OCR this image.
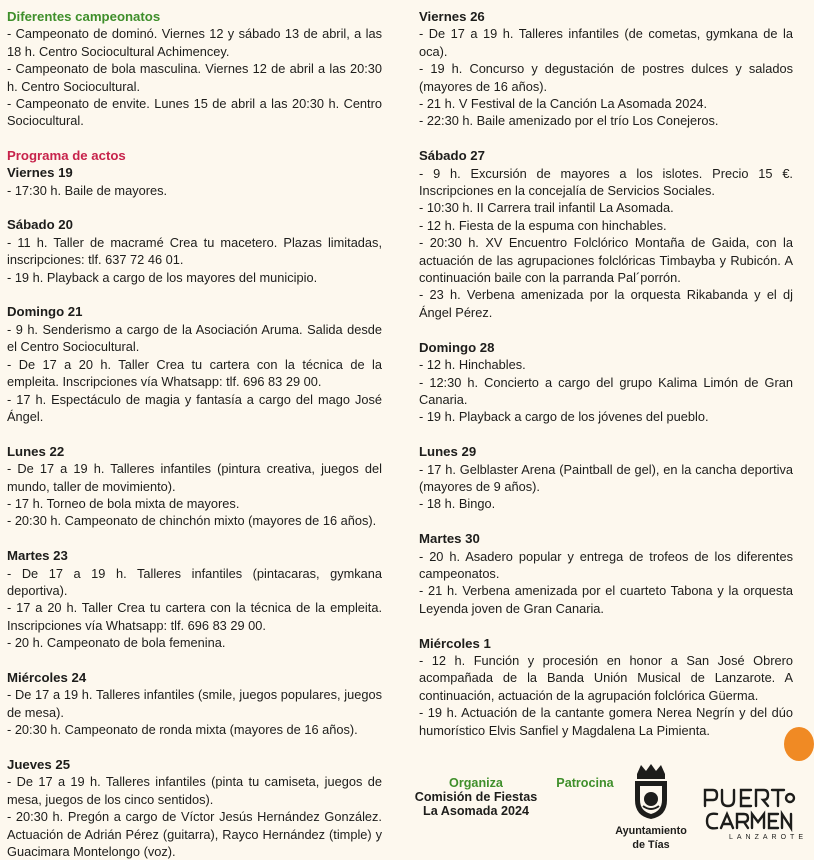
Diferentes campeonatos
- Campeonato de dominó. Viernes 12 y sábado 13 de abril, a las 18 h. Centro Sociocultural Achimencey.
- Campeonato de bola masculina. Viernes 12 de abril a las 20:30 h. Centro Sociocultural.
- Campeonato de envite. Lunes 15 de abril a las 20:30 h. Centro Sociocultural.
Programa de actos
Viernes 19
- 17:30 h. Baile de mayores.
Sábado 20
- 11 h. Taller de macramé Crea tu macetero. Plazas limitadas, inscripciones: tlf. 637 72 46 01.
- 19 h. Playback a cargo de los mayores del municipio.
Domingo 21
- 9 h. Senderismo a cargo de la Asociación Aruma. Salida desde el Centro Sociocultural.
- De 17 a 20 h. Taller Crea tu cartera con la técnica de la empleita. Inscripciones vía Whatsapp: tlf. 696 83 29 00.
- 17 h. Espectáculo de magia y fantasía a cargo del mago José Ángel.
Lunes 22
- De 17 a 19 h. Talleres infantiles (pintura creativa, juegos del mundo, taller de movimiento).
- 17 h. Torneo de bola mixta de mayores.
- 20:30 h. Campeonato de chinchón mixto (mayores de 16 años).
Martes 23
- De 17 a 19 h. Talleres infantiles (pintacaras, gymkana deportiva).
- 17 a 20 h. Taller Crea tu cartera con la técnica de la empleita. Inscripciones vía Whatsapp: tlf. 696 83 29 00.
- 20 h. Campeonato de bola femenina.
Miércoles 24
- De 17 a 19 h. Talleres infantiles (smile, juegos populares, juegos de mesa).
- 20:30 h. Campeonato de ronda mixta (mayores de 16 años).
Jueves 25
- De 17 a 19 h. Talleres infantiles (pinta tu camiseta, juegos de mesa, juegos de los cinco sentidos).
- 20:30 h. Pregón a cargo de Víctor Jesús Hernández González. Actuación de Adrián Pérez (guitarra), Rayco Hernández (timple) y Guacimara Montelongo (voz).
Viernes 26
- De 17 a 19 h. Talleres infantiles (de cometas, gymkana de la oca).
- 19 h. Concurso y degustación de postres dulces y salados (mayores de 16 años).
- 21 h. V Festival de la Canción La Asomada 2024.
- 22:30 h. Baile amenizado por el trío Los Conejeros.
Sábado 27
- 9 h. Excursión de mayores a los islotes. Precio 15 €. Inscripciones en la concejalía de Servicios Sociales.
- 10:30 h. II Carrera trail infantil La Asomada.
- 12 h. Fiesta de la espuma con hinchables.
- 20:30 h. XV Encuentro Folclórico Montaña de Gaida, con la actuación de las agrupaciones folclóricas Timbayba y Rubicón. A continuación baile con la parranda Pal´porrón.
- 23 h. Verbena amenizada por la orquesta Rikabanda y el dj Ángel Pérez.
Domingo 28
- 12 h. Hinchables.
- 12:30 h. Concierto a cargo del grupo Kalima Limón de Gran Canaria.
- 19 h. Playback a cargo de los jóvenes del pueblo.
Lunes 29
- 17 h. Gelblaster Arena (Paintball de gel), en la cancha deportiva (mayores de 9 años).
- 18 h. Bingo.
Martes 30
- 20 h. Asadero popular y entrega de trofeos de los diferentes campeonatos.
- 21 h. Verbena amenizada por el cuarteto Tabona y la orquesta Leyenda joven de Gran Canaria.
Miércoles 1
- 12 h. Función y procesión en honor a San José Obrero acompañada de la Banda Unión Musical de Lanzarote. A continuación, actuación de la agrupación folclórica Güerma.
- 19 h. Actuación de la cantante gomera Nerea Negrín y del dúo humorístico Elvis Sanfiel y Magdalena La Pimienta.
Organiza
Comisión de Fiestas
La Asomada 2024
Patrocina
Ayuntamiento
de Tías
LANZAROTE
